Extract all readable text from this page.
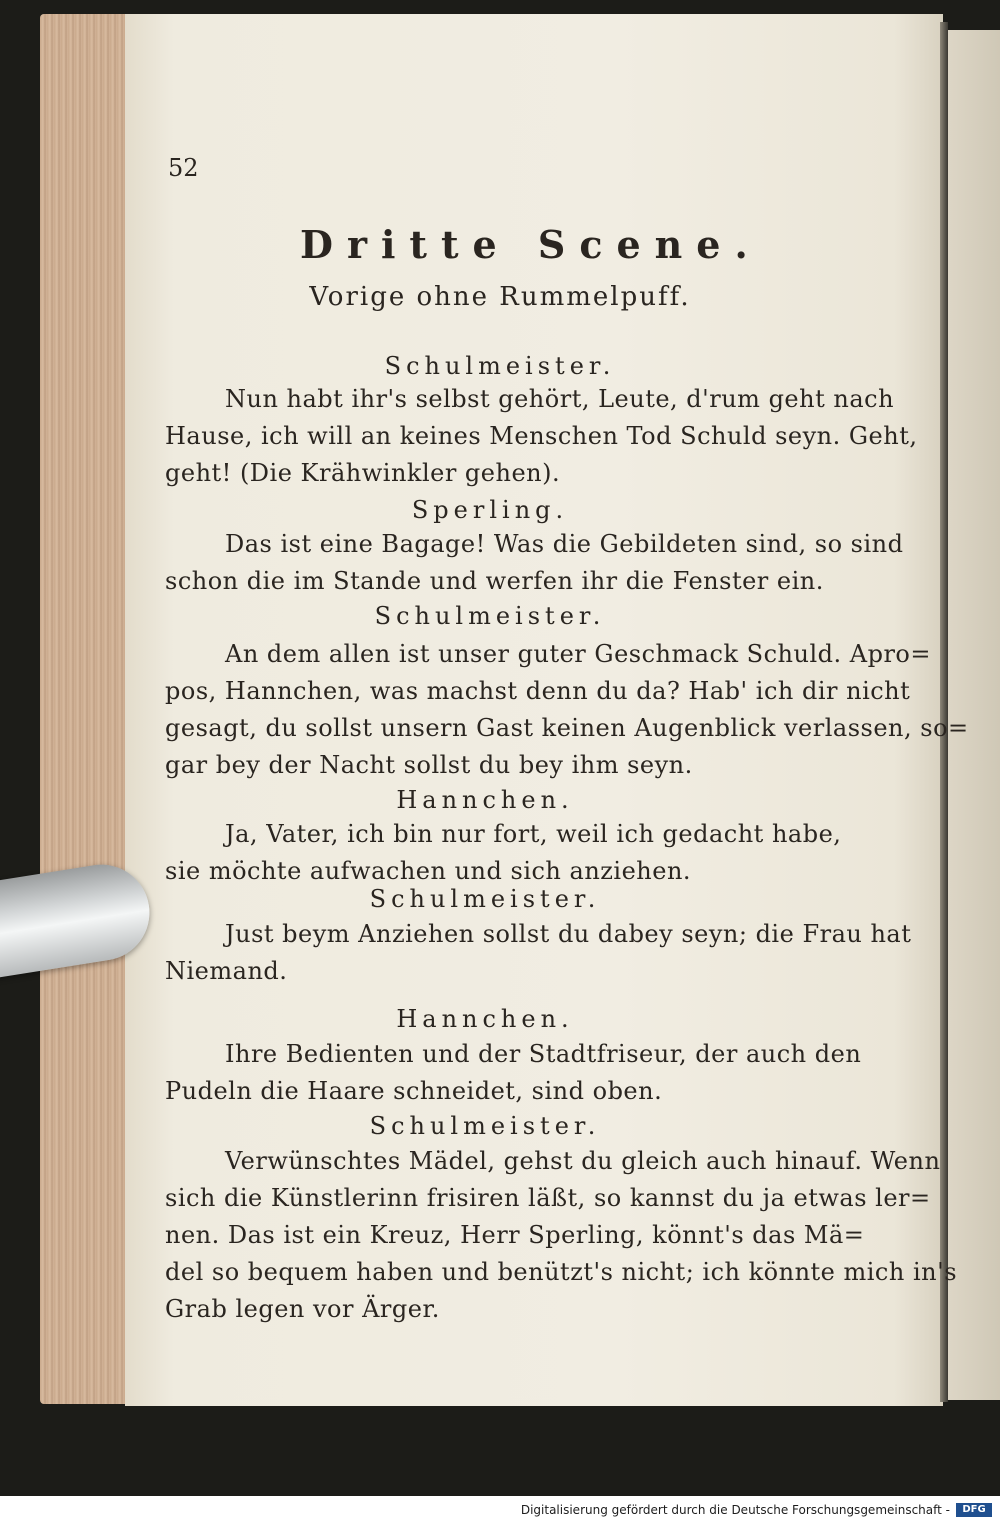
52

Dritte Scene.

Vorige ohne Rummelpuff.

Schulmeister.

Nun habt ihr's selbst gehört, Leute, d'rum geht nach

Hause, ich will an keines Menschen Tod Schuld seyn. Geht,

geht! (Die Krähwinkler gehen).

Sperling.

Das ist eine Bagage! Was die Gebildeten sind, so sind

schon die im Stande und werfen ihr die Fenster ein.

Schulmeister.

An dem allen ist unser guter Geschmack Schuld. Apro=

pos, Hannchen, was machst denn du da? Hab' ich dir nicht

gesagt, du sollst unsern Gast keinen Augenblick verlassen, so=

gar bey der Nacht sollst du bey ihm seyn.

Hannchen.

Ja, Vater, ich bin nur fort, weil ich gedacht habe,

sie möchte aufwachen und sich anziehen.

Schulmeister.

Just beym Anziehen sollst du dabey seyn; die Frau hat

Niemand.

Hannchen.

Ihre Bedienten und der Stadtfriseur, der auch den

Pudeln die Haare schneidet, sind oben.

Schulmeister.

Verwünschtes Mädel, gehst du gleich auch hinauf. Wenn

sich die Künstlerinn frisiren läßt, so kannst du ja etwas ler=

nen. Das ist ein Kreuz, Herr Sperling, könnt's das Mä=

del so bequem haben und benützt's nicht; ich könnte mich in's

Grab legen vor Ärger.

Digitalisierung gefördert durch die Deutsche Forschungsgemeinschaft -	DFG
